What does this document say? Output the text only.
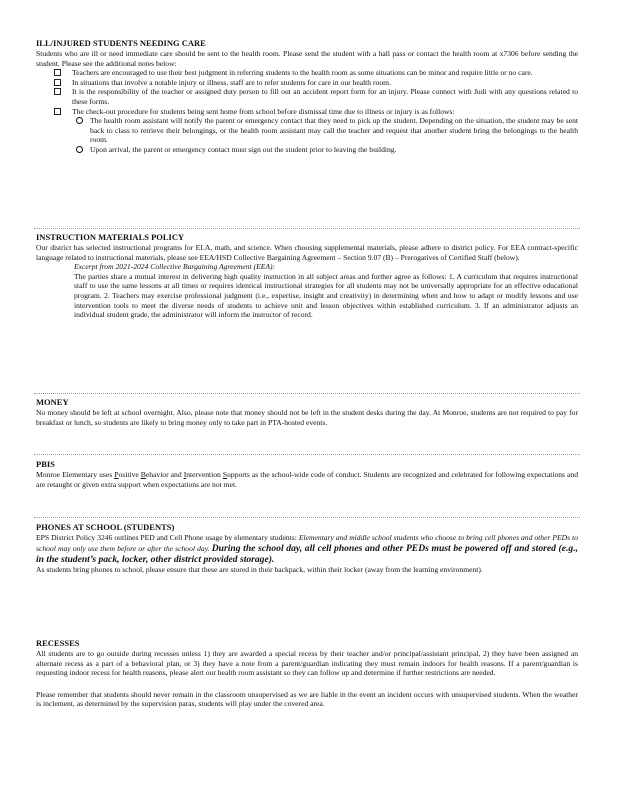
ILL/INJURED STUDENTS NEEDING CARE

Students who are ill or need immediate care should be sent to the health room. Please send the student with a hall pass or contact the health room at x7306 before sending the student. Please see the additional notes below:

Teachers are encouraged to use their best judgment in referring students to the health room as some situations can be minor and require little or no care.
In situations that involve a notable injury or illness, staff are to refer students for care in our health room.
It is the responsibility of the teacher or assigned duty person to fill out an accident report form for an injury. Please connect with Judi with any questions related to these forms.
The check-out procedure for students being sent home from school before dismissal time due to illness or injury is as follows:
The health room assistant will notify the parent or emergency contact that they need to pick up the student. Depending on the situation, the student may be sent back to class to retrieve their belongings, or the health room assistant may call the teacher and request that another student bring the belongings to the health room.
Upon arrival, the parent or emergency contact must sign out the student prior to leaving the building.

INSTRUCTION MATERIALS POLICY

Our district has selected instructional programs for ELA, math, and science. When choosing supplemental materials, please adhere to district policy. For EEA contract-specific language related to instructional materials, please see EEA/HSD Collective Bargaining Agreement – Section 9.07 (B) – Prerogatives of Certified Staff (below).

Excerpt from 2021-2024 Collective Bargaining Agreement (EEA):

The parties share a mutual interest in delivering high quality instruction in all subject areas and further agree as follows: 1. A curriculum that requires instructional staff to use the same lessons at all times or requires identical instructional strategies for all students may not be universally appropriate for an effective educational program. 2. Teachers may exercise professional judgment (i.e., expertise, insight and creativity) in determining when and how to adapt or modify lessons and use intervention tools to meet the diverse needs of students to achieve unit and lesson objectives within established curriculum. 3. If an administrator adjusts an individual student grade, the administrator will inform the instructor of record.

MONEY

No money should be left at school overnight. Also, please note that money should not be left in the student desks during the day. At Monroe, students are not required to pay for breakfast or lunch, so students are likely to bring money only to take part in PTA-hosted events.

PBIS

Monroe Elementary uses Positive Behavior and Intervention Supports as the school-wide code of conduct. Students are recognized and celebrated for following expectations and are retaught or given extra support when expectations are not met.

PHONES AT SCHOOL (STUDENTS)

EPS District Policy 3246 outlines PED and Cell Phone usage by elementary students: Elementary and middle school students who choose to bring cell phones and other PEDs to school may only use them before or after the school day. During the school day, all cell phones and other PEDs must be powered off and stored (e.g., in the student’s pack, locker, other district provided storage).

As students bring phones to school, please ensure that these are stored in their backpack, within their locker (away from the learning environment).

RECESSES

All students are to go outside during recesses unless 1) they are awarded a special recess by their teacher and/or principal/assistant principal, 2) they have been assigned an alternate recess as a part of a behavioral plan, or 3) they have a note from a parent/guardian indicating they must remain indoors for health reasons. If a parent/guardian is requesting indoor recess for health reasons, please alert our health room assistant so they can follow up and determine if further restrictions are needed.

Please remember that students should never remain in the classroom unsupervised as we are liable in the event an incident occurs with unsupervised students. When the weather is inclement, as determined by the supervision paras, students will play under the covered area.
